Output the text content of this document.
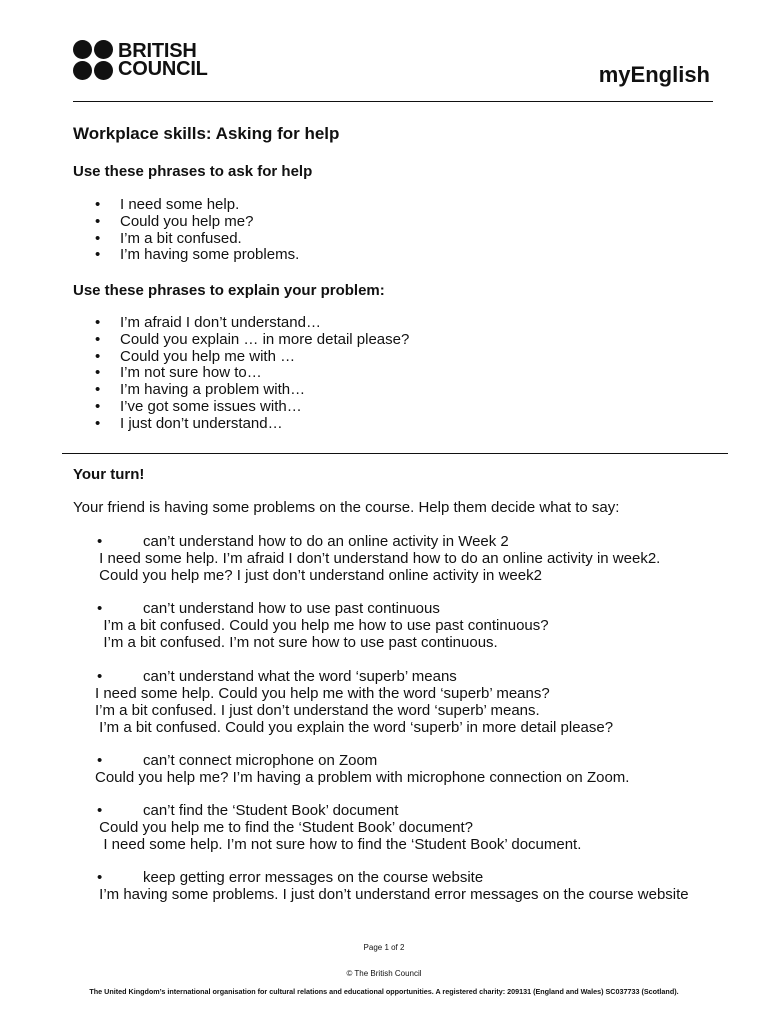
BRITISH
COUNCIL	myEnglish
Workplace skills: Asking for help
Use these phrases to ask for help
• I need some help.
• Could you help me?
• I’m a bit confused.
• I’m having some problems.
Use these phrases to explain your problem:
• I’m afraid I don’t understand…
• Could you explain … in more detail please?
• Could you help me with …
• I’m not sure how to…
• I’m having a problem with…
• I’ve got some issues with…
• I just don’t understand…
Your turn!
Your friend is having some problems on the course. Help them decide what to say:
• can’t understand how to do an online activity in Week 2
I need some help. I’m afraid I don’t understand how to do an online activity in week2.
Could you help me? I just don’t understand online activity in week2
• can’t understand how to use past continuous
I’m a bit confused. Could you help me how to use past continuous?
I’m a bit confused. I’m not sure how to use past continuous.
• can’t understand what the word ‘superb’ means
I need some help. Could you help me with the word ‘superb’ means?
I’m a bit confused. I just don’t understand the word ‘superb’ means.
I’m a bit confused. Could you explain the word ‘superb’ in more detail please?
• can’t connect microphone on Zoom
Could you help me? I’m having a problem with microphone connection on Zoom.
• can’t find the ‘Student Book’ document
Could you help me to find the ‘Student Book’ document?
I need some help. I’m not sure how to find the ‘Student Book’ document.
• keep getting error messages on the course website
I’m having some problems. I just don’t understand error messages on the course website
Page 1 of 2
© The British Council
The United Kingdom’s international organisation for cultural relations and educational opportunities. A registered charity: 209131 (England and Wales) SC037733 (Scotland).
